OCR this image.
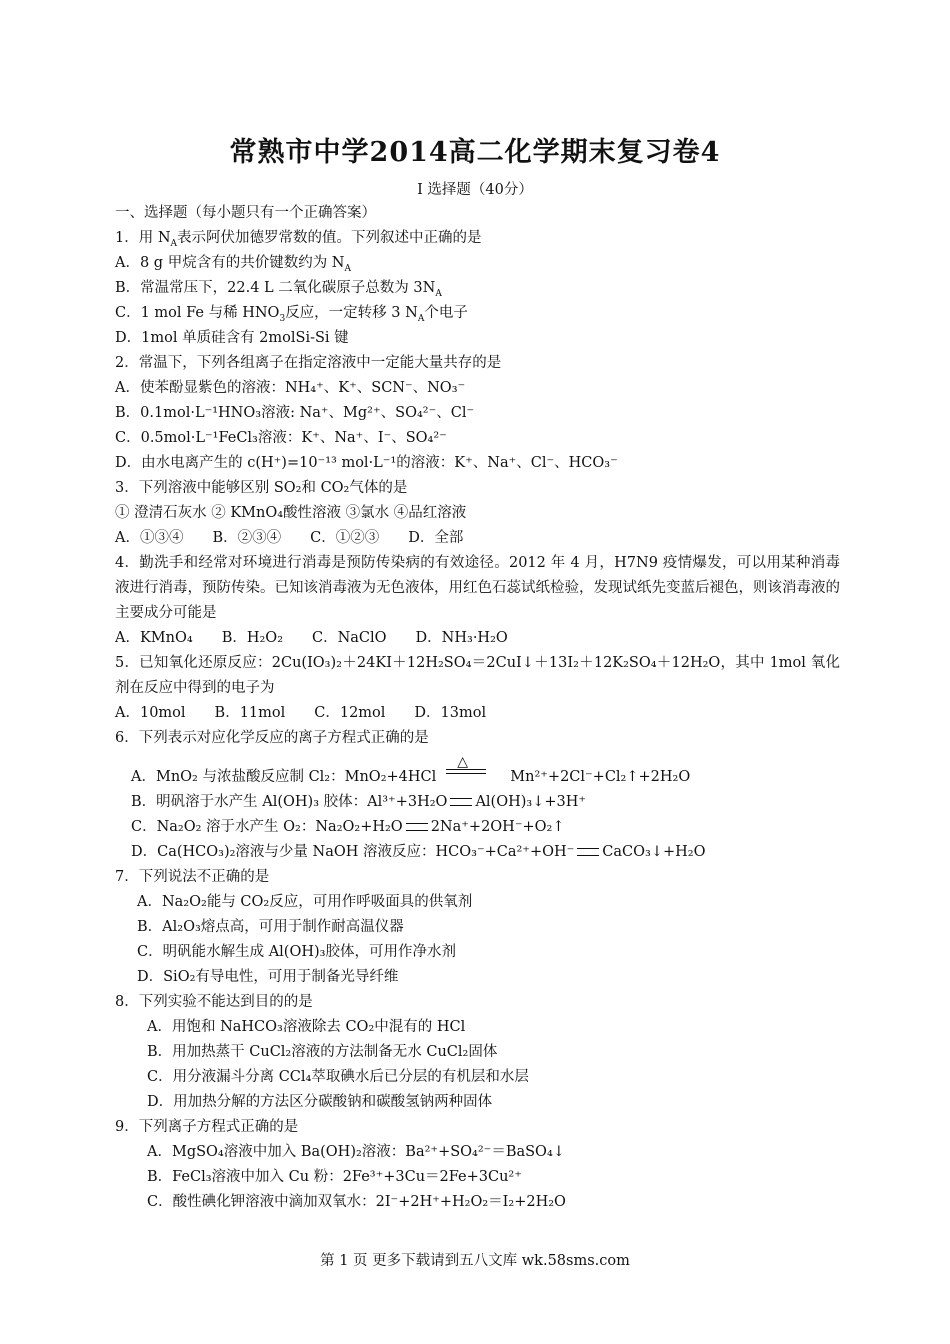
常熟市中学2014高二化学期末复习卷4
I 选择题（40分）
一、选择题（每小题只有一个正确答案）
1．用 $N_A$表示阿伏加德罗常数的值。下列叙述中正确的是
A．8 g 甲烷含有的共价键数约为 $N_A$
B．常温常压下，22.4 L 二氧化碳原子总数为 $3N_A$
C．1 mol Fe 与稀 $HNO_3$反应，一定转移 3 $N_A$个电子
D．1mol 单质硅含有 2molSi-Si 键
2．常温下，下列各组离子在指定溶液中一定能大量共存的是
A．使苯酚显紫色的溶液：NH₄⁺、K⁺、SCN⁻、NO₃⁻
B．0.1mol·L⁻¹HNO₃溶液: Na⁺、Mg²⁺、SO₄²⁻、Cl⁻
C．0.5mol·L⁻¹FeCl₃溶液：K⁺、Na⁺、I⁻、SO₄²⁻
D．由水电离产生的 c(H⁺)=10⁻¹³ mol·L⁻¹的溶液：K⁺、Na⁺、Cl⁻、HCO₃⁻
3．下列溶液中能够区别 SO₂和 CO₂气体的是
① 澄清石灰水 ② KMnO₄酸性溶液 ③氯水 ④品红溶液
A．①③④　　B．②③④　　C．①②③　　D．全部
4．勤洗手和经常对环境进行消毒是预防传染病的有效途径。2012 年 4 月，H7N9 疫情爆发，可以用某种消毒液进行消毒，预防传染。已知该消毒液为无色液体，用红色石蕊试纸检验，发现试纸先变蓝后褪色，则该消毒液的主要成分可能是
A．KMnO₄　　B．H₂O₂　　C．NaClO　　D．NH₃·H₂O
5．已知氧化还原反应：2Cu(IO₃)₂＋24KI＋12H₂SO₄＝2CuI↓＋13I₂＋12K₂SO₄＋12H₂O，其中 1mol 氧化剂在反应中得到的电子为
A．10mol　　B．11mol　　C．12mol　　D．13mol
6．下列表示对应化学反应的离子方程式正确的是
A．MnO₂ 与浓盐酸反应制 Cl₂：MnO₂+4HCl
△
Mn²⁺+2Cl⁻+Cl₂↑+2H₂O
B．明矾溶于水产生 Al(OH)₃ 胶体：Al³⁺+3H₂O Al(OH)₃↓+3H⁺
C．Na₂O₂ 溶于水产生 O₂：Na₂O₂+H₂O 2Na⁺+2OH⁻+O₂↑
D．Ca(HCO₃)₂溶液与少量 NaOH 溶液反应：HCO₃⁻+Ca²⁺+OH⁻ CaCO₃↓+H₂O
7．下列说法不正确的是
A．Na₂O₂能与 CO₂反应，可用作呼吸面具的供氧剂
B．Al₂O₃熔点高，可用于制作耐高温仪器
C．明矾能水解生成 Al(OH)₃胶体，可用作净水剂
D．SiO₂有导电性，可用于制备光导纤维
8．下列实验不能达到目的的是
A．用饱和 NaHCO₃溶液除去 CO₂中混有的 HCl
B．用加热蒸干 CuCl₂溶液的方法制备无水 CuCl₂固体
C．用分液漏斗分离 CCl₄萃取碘水后已分层的有机层和水层
D．用加热分解的方法区分碳酸钠和碳酸氢钠两种固体
9．下列离子方程式正确的是
A．MgSO₄溶液中加入 Ba(OH)₂溶液：Ba²⁺+SO₄²⁻＝BaSO₄↓
B．FeCl₃溶液中加入 Cu 粉：2Fe³⁺+3Cu＝2Fe+3Cu²⁺
C．酸性碘化钾溶液中滴加双氧水：2I⁻+2H⁺+H₂O₂＝I₂+2H₂O
第 1 页 更多下载请到五八文库 wk.58sms.com
